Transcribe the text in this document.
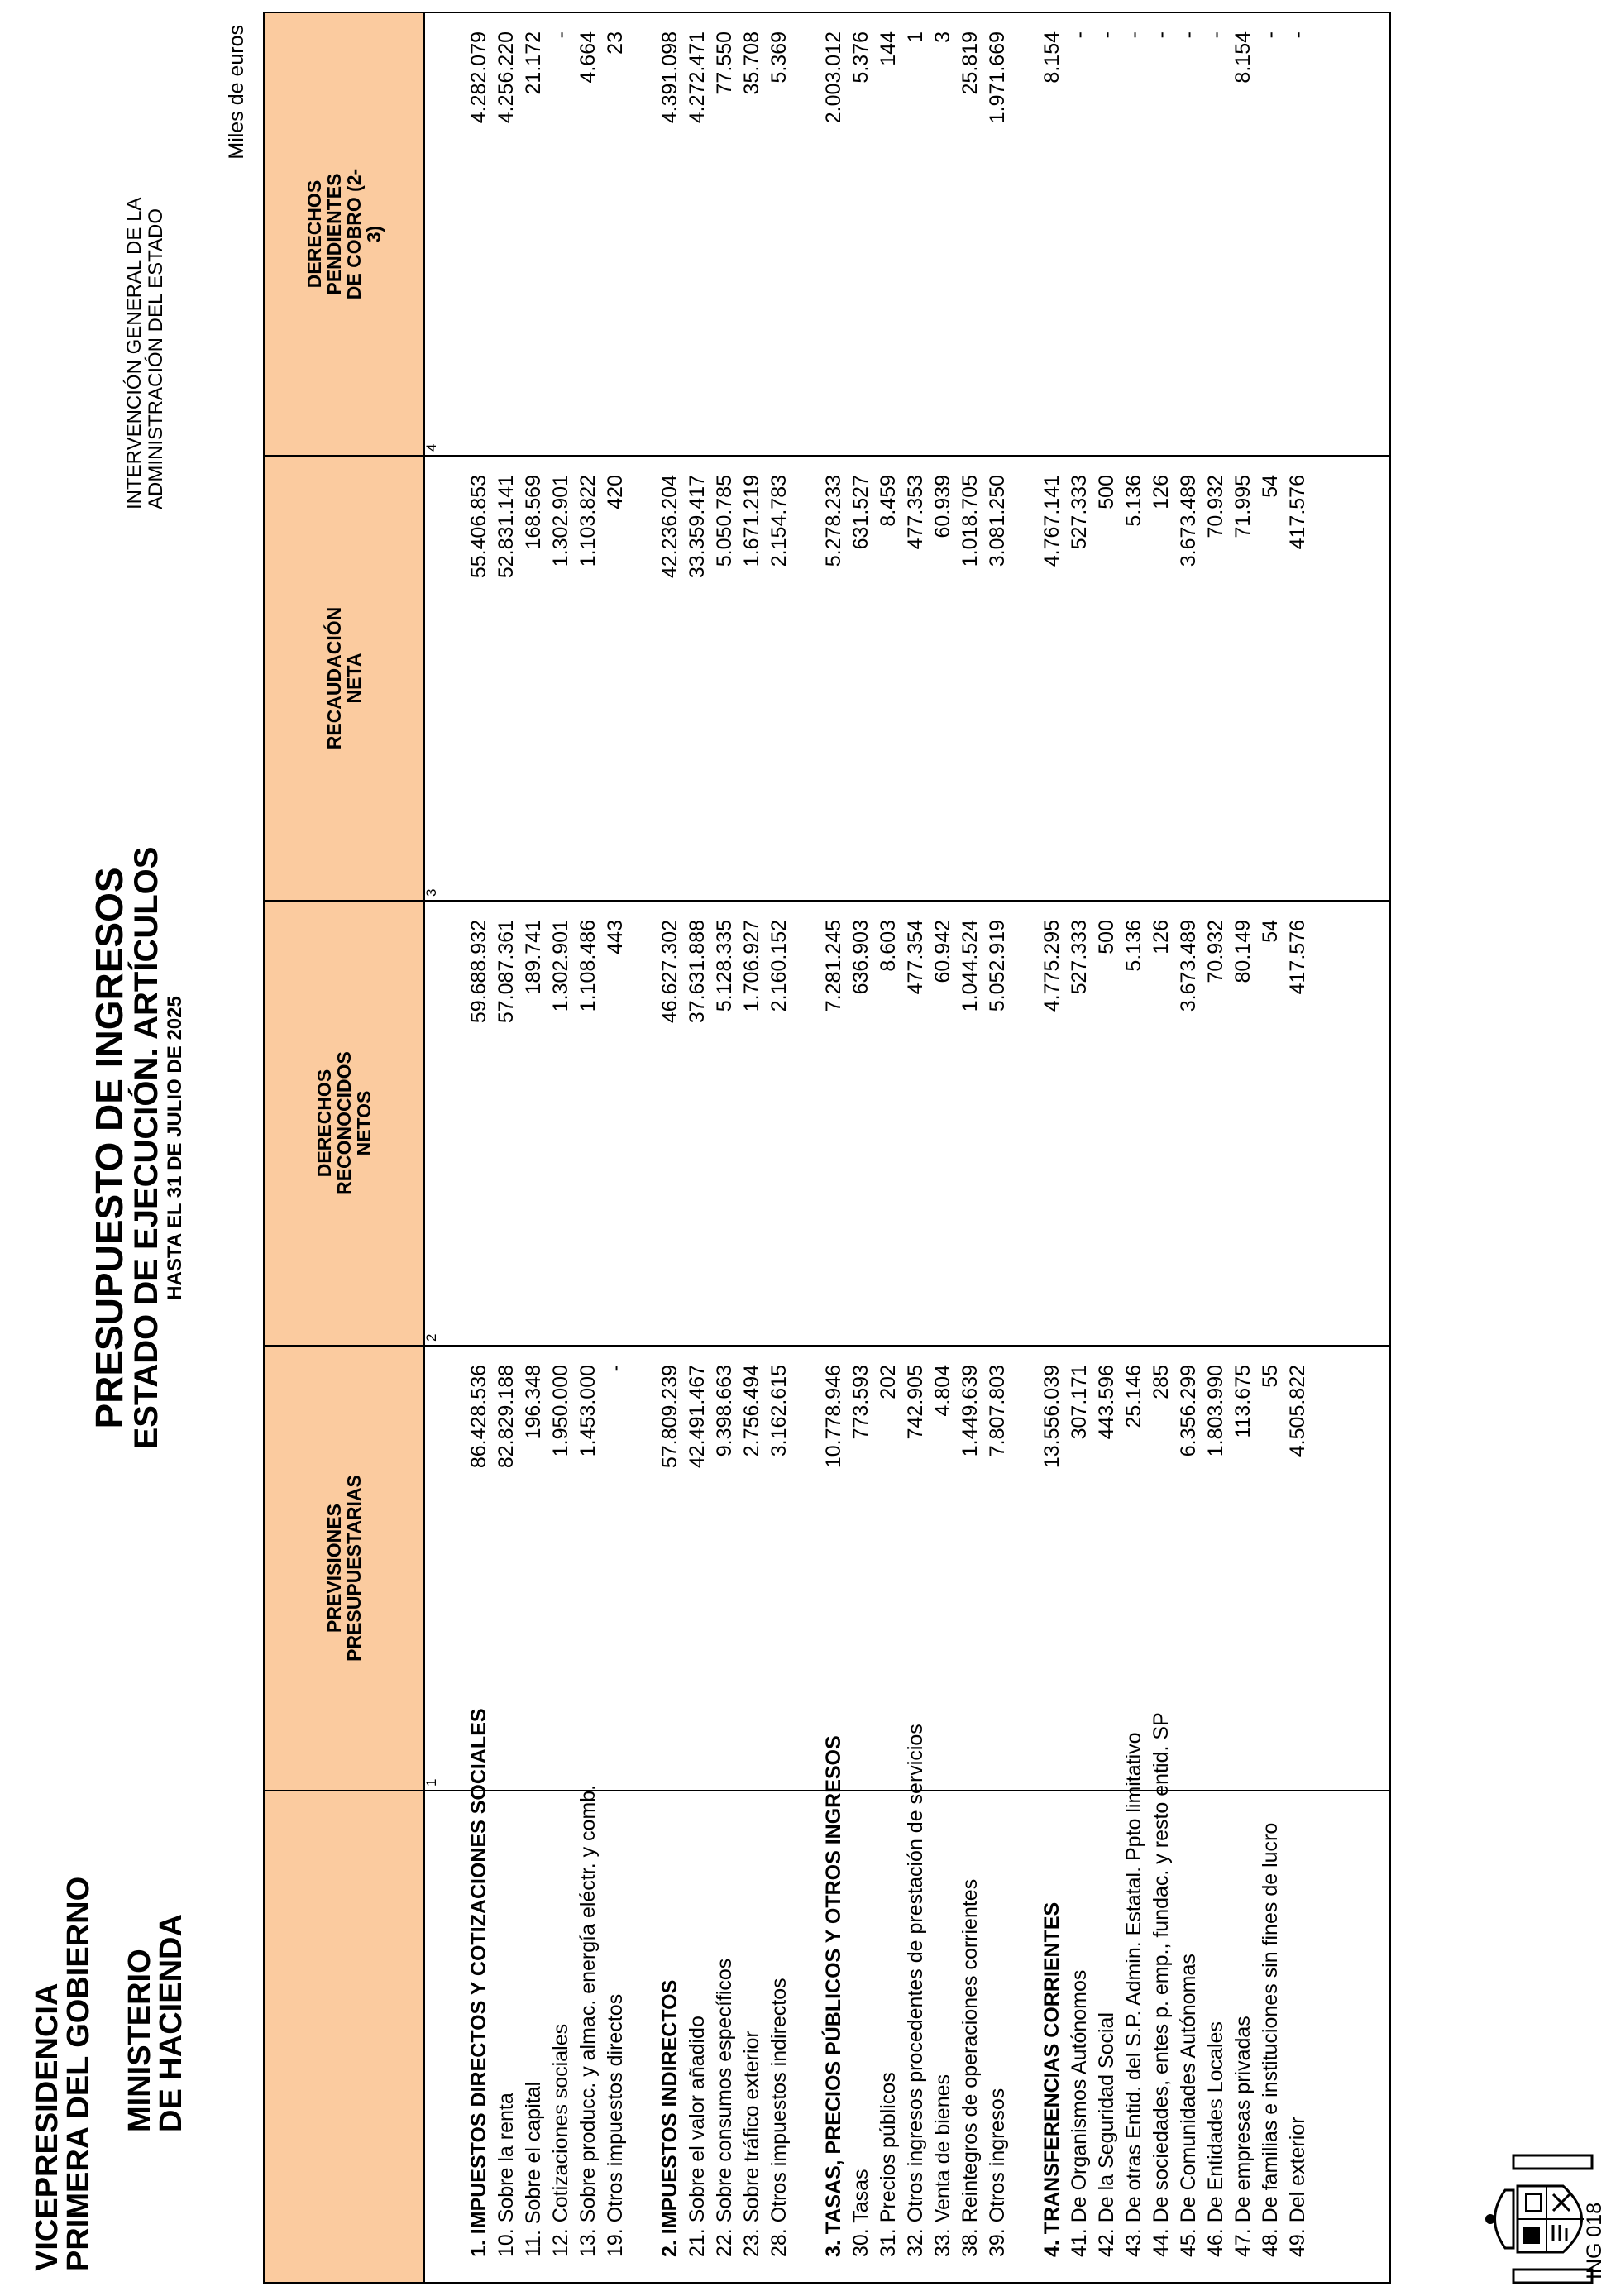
VICEPRESIDENCIA
PRIMERA DEL GOBIERNO MINISTERIO
DE HACIENDA
PRESUPUESTO DE INGRESOS
ESTADO DE EJECUCIÓN. ARTÍCULOS HASTA EL 31 DE JULIO DE 2025
INTERVENCIÓN GENERAL DE LA ADMINISTRACIÓN DEL ESTADO
Miles de euros

	PREVISIONES PRESUPUESTARIAS	DERECHOS RECONOCIDOS NETOS	RECAUDACIÓN NETA	DERECHOS PENDIENTES DE COBRO (2-3)

	1	2	3	4

1. IMPUESTOS DIRECTOS Y COTIZACIONES SOCIALES	86.428.536	59.688.932	55.406.853	4.282.079
10. Sobre la renta	82.829.188	57.087.361	52.831.141	4.256.220
11. Sobre el capital	196.348	189.741	168.569	21.172
12. Cotizaciones sociales	1.950.000	1.302.901	1.302.901	-
13. Sobre producc. y almac. energía eléctr. y comb.	1.453.000	1.108.486	1.103.822	4.664
19. Otros impuestos directos	-	443	420	23

2. IMPUESTOS INDIRECTOS	57.809.239	46.627.302	42.236.204	4.391.098
21. Sobre el valor añadido	42.491.467	37.631.888	33.359.417	4.272.471
22. Sobre consumos específicos	9.398.663	5.128.335	5.050.785	77.550
23. Sobre tráfico exterior	2.756.494	1.706.927	1.671.219	35.708
28. Otros impuestos indirectos	3.162.615	2.160.152	2.154.783	5.369

3. TASAS, PRECIOS PÚBLICOS Y OTROS INGRESOS	10.778.946	7.281.245	5.278.233	2.003.012
30. Tasas	773.593	636.903	631.527	5.376
31. Precios públicos	202	8.603	8.459	144
32. Otros ingresos procedentes de prestación de servicios	742.905	477.354	477.353	1
33. Venta de bienes	4.804	60.942	60.939	3
38. Reintegros de operaciones corrientes	1.449.639	1.044.524	1.018.705	25.819
39. Otros ingresos	7.807.803	5.052.919	3.081.250	1.971.669

4. TRANSFERENCIAS CORRIENTES	13.556.039	4.775.295	4.767.141	8.154
41. De Organismos Autónomos	307.171	527.333	527.333	-
42. De la Seguridad Social	443.596	500	500	-
43. De otras Entid. del S.P. Admin. Estatal. Ppto limitativo	25.146	5.136	5.136	-
44. De sociedades, entes p. emp., fundac. y resto entid. SP	285	126	126	-
45. De Comunidades Autónomas	6.356.299	3.673.489	3.673.489	-
46. De Entidades Locales	1.803.990	70.932	70.932	-
47. De empresas privadas	113.675	80.149	71.995	8.154
48. De familias e instituciones sin fines de lucro	55	54	54	-
49. Del exterior	4.505.822	417.576	417.576	-

ING 018
